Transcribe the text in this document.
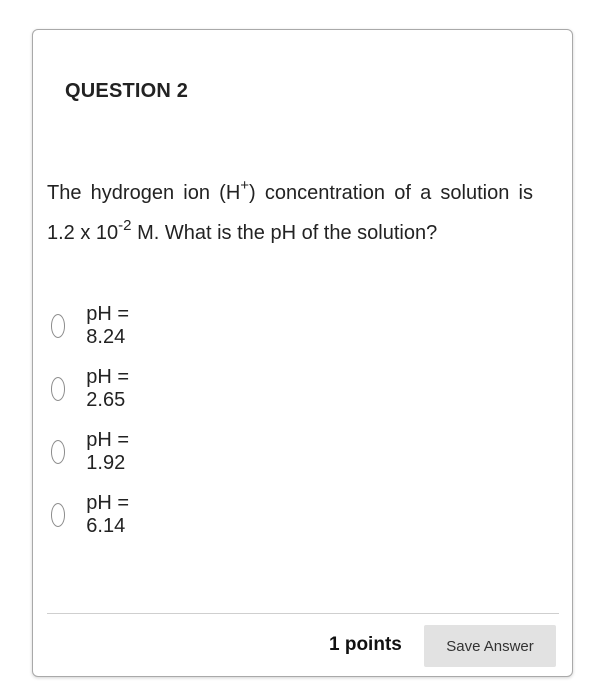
QUESTION 2
The hydrogen ion (H+) concentration of a solution is 1.2 x $10^{-2}$ M. What is the pH of the solution?
pH = 8.24
pH = 2.65
pH = 1.92
pH = 6.14
1 points	Save Answer
